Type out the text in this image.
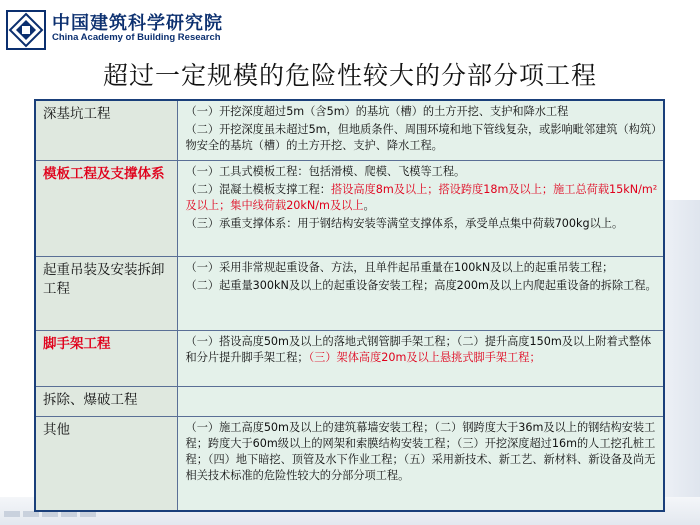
中国建筑科学研究院
China Academy of Building Research
超过一定规模的危险性较大的分部分项工程
深基坑工程	（一）开挖深度超过5m（含5m）的基坑（槽）的土方开挖、支护和降水工程

（二）开挖深度虽未超过5m，但地质条件、周围环境和地下管线复杂，或影响毗邻建筑（构筑）物安全的基坑（槽）的土方开挖、支护、降水工程。

模板工程及支撑体系	（一）工具式模板工程：包括滑模、爬模、飞模等工程。

（二）混凝土模板支撑工程：搭设高度8m及以上；搭设跨度18m及以上；施工总荷载15kN/m²及以上；集中线荷载20kN/m及以上。

（三）承重支撑体系：用于钢结构安装等满堂支撑体系，承受单点集中荷载700kg以上。

起重吊装及安装拆卸工程	（一）采用非常规起重设备、方法，且单件起吊重量在100kN及以上的起重吊装工程；

（二）起重量300kN及以上的起重设备安装工程；高度200m及以上内爬起重设备的拆除工程。

脚手架工程	（一）搭设高度50m及以上的落地式钢管脚手架工程；（二）提升高度150m及以上附着式整体和分片提升脚手架工程；（三）架体高度20m及以上悬挑式脚手架工程；

拆除、爆破工程	
其他	（一）施工高度50m及以上的建筑幕墙安装工程；（二）钢跨度大于36m及以上的钢结构安装工程；跨度大于60m级以上的网架和索膜结构安装工程；（三）开挖深度超过16m的人工挖孔桩工程；（四）地下暗挖、顶管及水下作业工程；（五）采用新技术、新工艺、新材料、新设备及尚无相关技术标准的危险性较大的分部分项工程。
